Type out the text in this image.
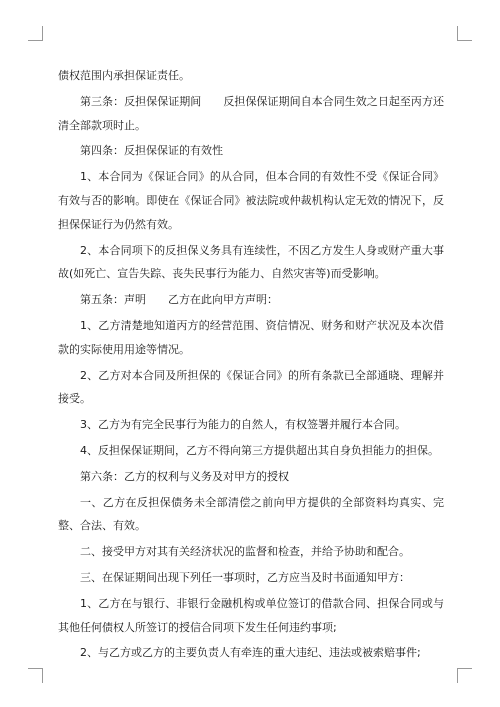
债权范围内承担保证责任。

第三条：反担保保证期间　　反担保保证期间自本合同生效之日起至丙方还清全部款项时止。

第四条：反担保保证的有效性

1、本合同为《保证合同》的从合同，但本合同的有效性不受《保证合同》有效与否的影响。即使在《保证合同》被法院或仲裁机构认定无效的情况下，反担保保证行为仍然有效。

2、本合同项下的反担保义务具有连续性，不因乙方发生人身或财产重大事故(如死亡、宣告失踪、丧失民事行为能力、自然灾害等)而受影响。

第五条：声明　　乙方在此向甲方声明：

1、乙方清楚地知道丙方的经营范围、资信情况、财务和财产状况及本次借款的实际使用用途等情况。

2、乙方对本合同及所担保的《保证合同》的所有条款已全部通晓、理解并接受。

3、乙方为有完全民事行为能力的自然人，有权签署并履行本合同。

4、反担保保证期间，乙方不得向第三方提供超出其自身负担能力的担保。

第六条：乙方的权利与义务及对甲方的授权

一、乙方在反担保债务未全部清偿之前向甲方提供的全部资料均真实、完整、合法、有效。

二、接受甲方对其有关经济状况的监督和检查，并给予协助和配合。

三、在保证期间出现下列任一事项时，乙方应当及时书面通知甲方：

1、乙方在与银行、非银行金融机构或单位签订的借款合同、担保合同或与其他任何债权人所签订的授信合同项下发生任何违约事项;

2、与乙方或乙方的主要负责人有牵连的重大违纪、违法或被索赔事件;
